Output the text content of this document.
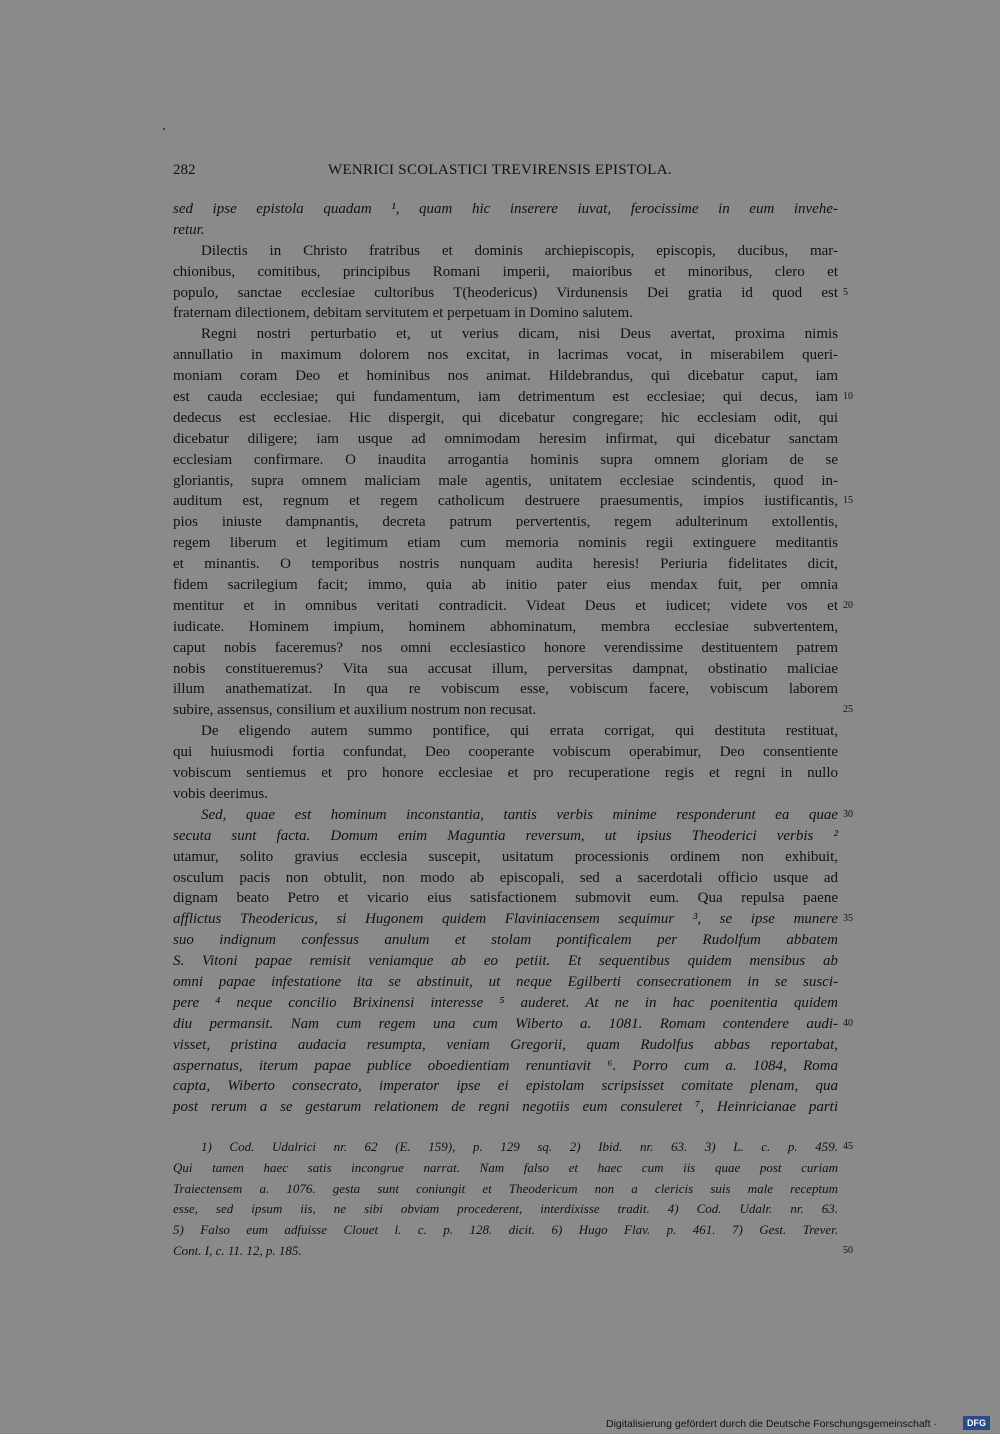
282	WENRICI SCOLASTICI TREVIRENSIS EPISTOLA.
sed ipse epistola quadam ¹, quam hic inserere iuvat, ferocissime in eum invehe-
retur.
Dilectis in Christo fratribus et dominis archiepiscopis, episcopis, ducibus, mar-
chionibus, comitibus, principibus Romani imperii, maioribus et minoribus, clero et
populo, sanctae ecclesiae cultoribus T(heodericus) Virdunensis Dei gratia id quod est 5
fraternam dilectionem, debitam servitutem et perpetuam in Domino salutem.
Regni nostri perturbatio et, ut verius dicam, nisi Deus avertat, proxima nimis
annullatio in maximum dolorem nos excitat, in lacrimas vocat, in miserabilem queri-
moniam coram Deo et hominibus nos animat. Hildebrandus, qui dicebatur caput, iam
est cauda ecclesiae; qui fundamentum, iam detrimentum est ecclesiae; qui decus, iam 10
dedecus est ecclesiae. Hic dispergit, qui dicebatur congregare; hic ecclesiam odit, qui
dicebatur diligere; iam usque ad omnimodam heresim infirmat, qui dicebatur sanctam
ecclesiam confirmare. O inaudita arrogantia hominis supra omnem gloriam de se
gloriantis, supra omnem maliciam male agentis, unitatem ecclesiae scindentis, quod in-
auditum est, regnum et regem catholicum destruere praesumentis, impios iustificantis, 15
pios iniuste dampnantis, decreta patrum pervertentis, regem adulterinum extollentis,
regem liberum et legitimum etiam cum memoria nominis regii extinguere meditantis
et minantis. O temporibus nostris nunquam audita heresis! Periuria fidelitates dicit,
fidem sacrilegium facit; immo, quia ab initio pater eius mendax fuit, per omnia
mentitur et in omnibus veritati contradicit. Videat Deus et iudicet; videte vos et 20
iudicate. Hominem impium, hominem abhominatum, membra ecclesiae subvertentem,
caput nobis faceremus? nos omni ecclesiastico honore verendissime destituentem patrem
nobis constitueremus? Vita sua accusat illum, perversitas dampnat, obstinatio maliciae
illum anathematizat. In qua re vobiscum esse, vobiscum facere, vobiscum laborem
subire, assensus, consilium et auxilium nostrum non recusat.	25
De eligendo autem summo pontifice, qui errata corrigat, qui destituta restituat,
qui huiusmodi fortia confundat, Deo cooperante vobiscum operabimur, Deo consentiente
vobiscum sentiemus et pro honore ecclesiae et pro recuperatione regis et regni in nullo
vobis deerimus.
Sed, quae est hominum inconstantia, tantis verbis minime responderunt ea quae 30
secuta sunt facta. Domum enim Maguntia reversum, ut ipsius Theoderici verbis ²
utamur, solito gravius ecclesia suscepit, usitatum processionis ordinem non exhibuit,
osculum pacis non obtulit, non modo ab episcopali, sed a sacerdotali officio usque ad
dignam beato Petro et vicario eius satisfactionem submovit eum. Qua repulsa paene
afflictus Theodericus, si Hugonem quidem Flaviniacensem sequimur ³, se ipse munere 35
suo indignum confessus anulum et stolam pontificalem per Rudolfum abbatem
S. Vitoni papae remisit veniamque ab eo petiit. Et sequentibus quidem mensibus ab
omni papae infestatione ita se abstinuit, ut neque Egilberti consecrationem in se susci-
pere ⁴ neque concilio Brixinensi interesse ⁵ auderet. At ne in hac poenitentia quidem
diu permansit. Nam cum regem una cum Wiberto a. 1081. Romam contendere audi- 40
visset, pristina audacia resumpta, veniam Gregorii, quam Rudolfus abbas reportabat,
aspernatus, iterum papae publice oboedientiam renuntiavit ⁶. Porro cum a. 1084, Roma
capta, Wiberto consecrato, imperator ipse ei epistolam scripsisset comitate plenam, qua
post rerum a se gestarum relationem de regni negotiis eum consuleret ⁷, Heinricianae parti
1) Cod. Udalrici nr. 62 (E. 159), p. 129 sq. 2) Ibid. nr. 63. 3) L. c. p. 459. 45
Qui tamen haec satis incongrue narrat. Nam falso et haec cum iis quae post curiam
Traiectensem a. 1076. gesta sunt coniungit et Theodericum non a clericis suis male receptum
esse, sed ipsum iis, ne sibi obviam procederent, interdixisse tradit. 4) Cod. Udalr. nr. 63.
5) Falso eum adfuisse Clouet l. c. p. 128. dicit. 6) Hugo Flav. p. 461. 7) Gest. Trever.
Cont. I, c. 11. 12, p. 185.	50
Digitalisierung gefördert durch die Deutsche Forschungsgemeinschaft ·	DFG
